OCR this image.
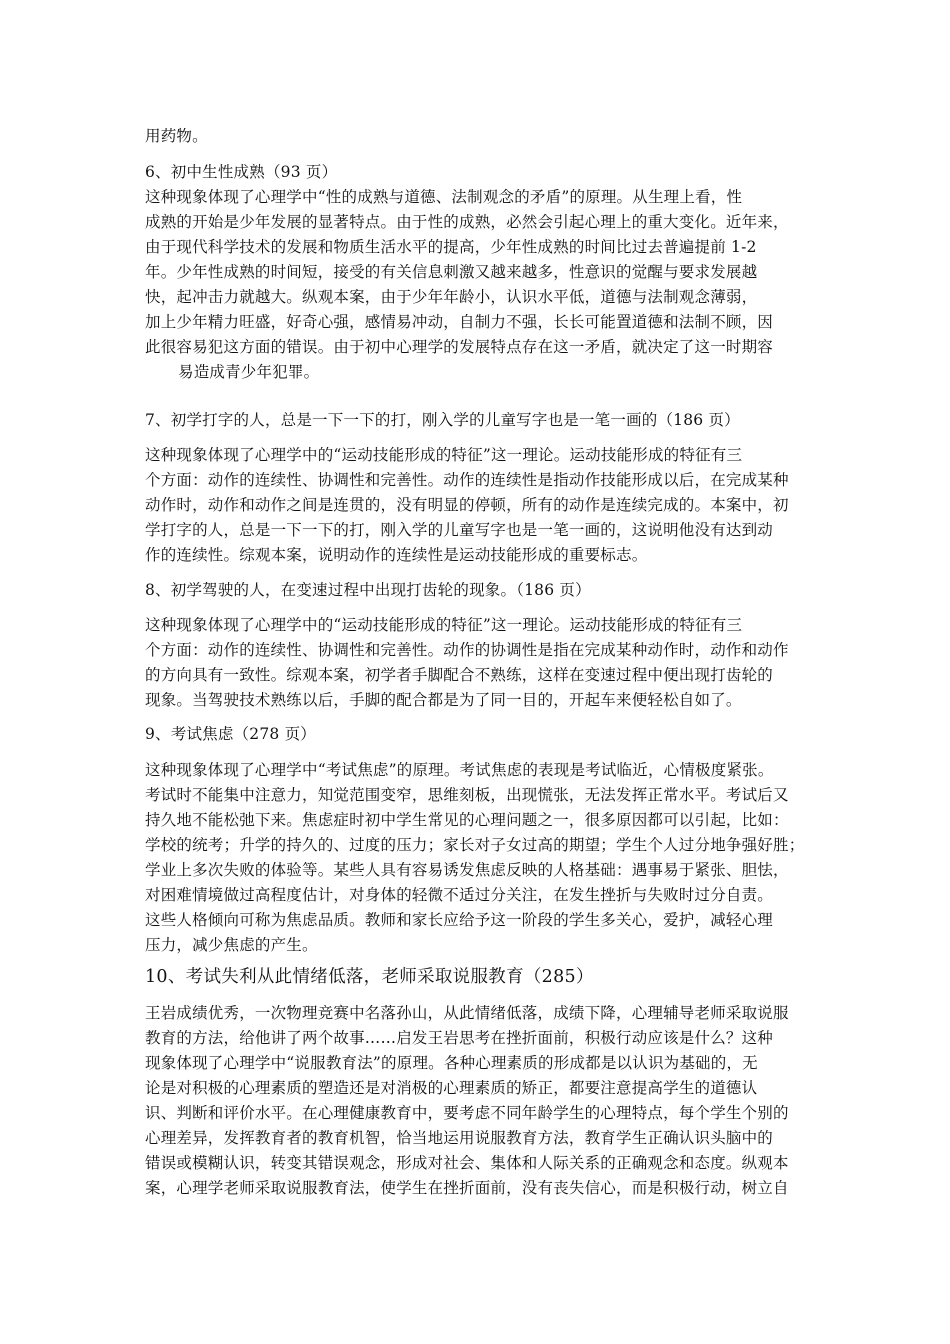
用药物。
6、初中生性成熟（93 页）
这种现象体现了心理学中“性的成熟与道德、法制观念的矛盾”的原理。从生理上看，性
成熟的开始是少年发展的显著特点。由于性的成熟，必然会引起心理上的重大变化。近年来，
由于现代科学技术的发展和物质生活水平的提高，少年性成熟的时间比过去普遍提前 1-2
年。少年性成熟的时间短，接受的有关信息刺激又越来越多，性意识的觉醒与要求发展越
快，起冲击力就越大。纵观本案，由于少年年龄小，认识水平低，道德与法制观念薄弱，
加上少年精力旺盛，好奇心强，感情易冲动，自制力不强，长长可能置道德和法制不顾，因
此很容易犯这方面的错误。由于初中心理学的发展特点存在这一矛盾，就决定了这一时期容
易造成青少年犯罪。
7、初学打字的人，总是一下一下的打，刚入学的儿童写字也是一笔一画的（186 页）
这种现象体现了心理学中的“运动技能形成的特征”这一理论。运动技能形成的特征有三
个方面：动作的连续性、协调性和完善性。动作的连续性是指动作技能形成以后，在完成某种
动作时，动作和动作之间是连贯的，没有明显的停顿，所有的动作是连续完成的。本案中，初
学打字的人，总是一下一下的打，刚入学的儿童写字也是一笔一画的，这说明他没有达到动
作的连续性。综观本案，说明动作的连续性是运动技能形成的重要标志。
8、初学驾驶的人，在变速过程中出现打齿轮的现象。（186 页）
这种现象体现了心理学中的“运动技能形成的特征”这一理论。运动技能形成的特征有三
个方面：动作的连续性、协调性和完善性。动作的协调性是指在完成某种动作时，动作和动作
的方向具有一致性。综观本案，初学者手脚配合不熟练，这样在变速过程中便出现打齿轮的
现象。当驾驶技术熟练以后，手脚的配合都是为了同一目的，开起车来便轻松自如了。
9、考试焦虑（278 页）
这种现象体现了心理学中“考试焦虑”的原理。考试焦虑的表现是考试临近，心情极度紧张。
考试时不能集中注意力，知觉范围变窄，思维刻板，出现慌张，无法发挥正常水平。考试后又
持久地不能松弛下来。焦虑症时初中学生常见的心理问题之一，很多原因都可以引起，比如：
学校的统考；升学的持久的、过度的压力；家长对子女过高的期望；学生个人过分地争强好胜；
学业上多次失败的体验等。某些人具有容易诱发焦虑反映的人格基础：遇事易于紧张、胆怯，
对困难情境做过高程度估计，对身体的轻微不适过分关注，在发生挫折与失败时过分自责。
这些人格倾向可称为焦虑品质。教师和家长应给予这一阶段的学生多关心，爱护，减轻心理
压力，减少焦虑的产生。
10、考试失利从此情绪低落，老师采取说服教育（285）
王岩成绩优秀，一次物理竞赛中名落孙山，从此情绪低落，成绩下降，心理辅导老师采取说服
教育的方法，给他讲了两个故事……启发王岩思考在挫折面前，积极行动应该是什么？这种
现象体现了心理学中“说服教育法”的原理。各种心理素质的形成都是以认识为基础的，无
论是对积极的心理素质的塑造还是对消极的心理素质的矫正，都要注意提高学生的道德认
识、判断和评价水平。在心理健康教育中，要考虑不同年龄学生的心理特点，每个学生个别的
心理差异，发挥教育者的教育机智，恰当地运用说服教育方法，教育学生正确认识头脑中的
错误或模糊认识，转变其错误观念，形成对社会、集体和人际关系的正确观念和态度。纵观本
案，心理学老师采取说服教育法，使学生在挫折面前，没有丧失信心，而是积极行动，树立自
